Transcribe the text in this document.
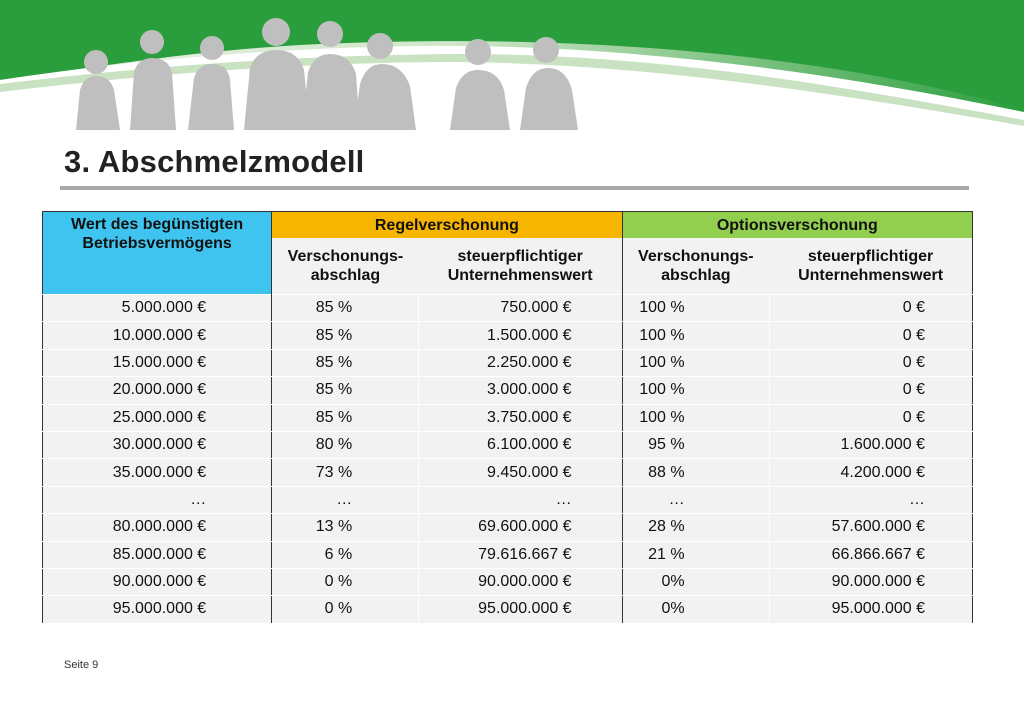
3. Abschmelzmodell
Wert des begünstigten Betriebsvermögens	Regelverschonung		Optionsverschonung	
	Verschonungs-abschlag	steuerpflichtiger Unternehmenswert	Verschonungs-abschlag	steuerpflichtiger Unternehmenswert
5.000.000 €	85 %	750.000 €	100 %	0 €
10.000.000 €	85 %	1.500.000 €	100 %	0 €
15.000.000 €	85 %	2.250.000 €	100 %	0 €
20.000.000 €	85 %	3.000.000 €	100 %	0 €
25.000.000 €	85 %	3.750.000 €	100 %	0 €
30.000.000 €	80 %	6.100.000 €	95 %	1.600.000 €
35.000.000 €	73 %	9.450.000 €	88 %	4.200.000 €
…	…	…	…	…
80.000.000 €	13 %	69.600.000 €	28 %	57.600.000 €
85.000.000 €	6 %	79.616.667 €	21 %	66.866.667 €
90.000.000 €	0 %	90.000.000 €	0%	90.000.000 €
95.000.000 €	0 %	95.000.000 €	0%	95.000.000 €
Seite 9
